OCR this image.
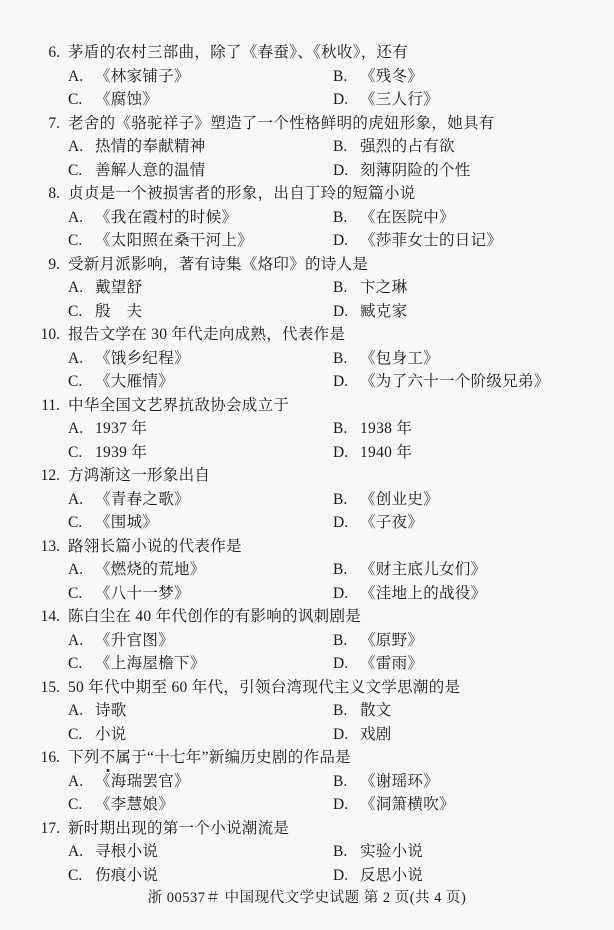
6. 茅盾的农村三部曲，除了《春蚕》、《秋收》，还有
A. 《林家铺子》	B. 《残冬》
C. 《腐蚀》	D. 《三人行》
7. 老舍的《骆驼祥子》塑造了一个性格鲜明的虎妞形象，她具有
A. 热情的奉献精神	B. 强烈的占有欲
C. 善解人意的温情	D. 刻薄阴险的个性
8. 贞贞是一个被损害者的形象，出自丁玲的短篇小说
A. 《我在霞村的时候》	B. 《在医院中》
C. 《太阳照在桑干河上》	D. 《莎菲女士的日记》
9. 受新月派影响，著有诗集《烙印》的诗人是
A. 戴望舒	B. 卞之琳
C. 殷　夫	D. 臧克家
10. 报告文学在 30 年代走向成熟，代表作是
A. 《饿乡纪程》	B. 《包身工》
C. 《大雁情》	D. 《为了六十一个阶级兄弟》
11. 中华全国文艺界抗敌协会成立于
A. 1937 年	B. 1938 年
C. 1939 年	D. 1940 年
12. 方鸿渐这一形象出自
A. 《青春之歌》	B. 《创业史》
C. 《围城》	D. 《子夜》
13. 路翎长篇小说的代表作是
A. 《燃烧的荒地》	B. 《财主底儿女们》
C. 《八十一梦》	D. 《洼地上的战役》
14. 陈白尘在 40 年代创作的有影响的讽刺剧是
A. 《升官图》	B. 《原野》
C. 《上海屋檐下》	D. 《雷雨》
15. 50 年代中期至 60 年代，引领台湾现代主义文学思潮的是
A. 诗歌	B. 散文
C. 小说	D. 戏剧
16. 下列不属于“十七年”新编历史剧的作品是
A. 《海瑞罢官》	B. 《谢瑶环》
C. 《李慧娘》	D. 《洞箫横吹》
17. 新时期出现的第一个小说潮流是
A. 寻根小说	B. 实验小说
C. 伤痕小说	D. 反思小说
浙 00537＃ 中国现代文学史试题 第 2 页(共 4 页)
